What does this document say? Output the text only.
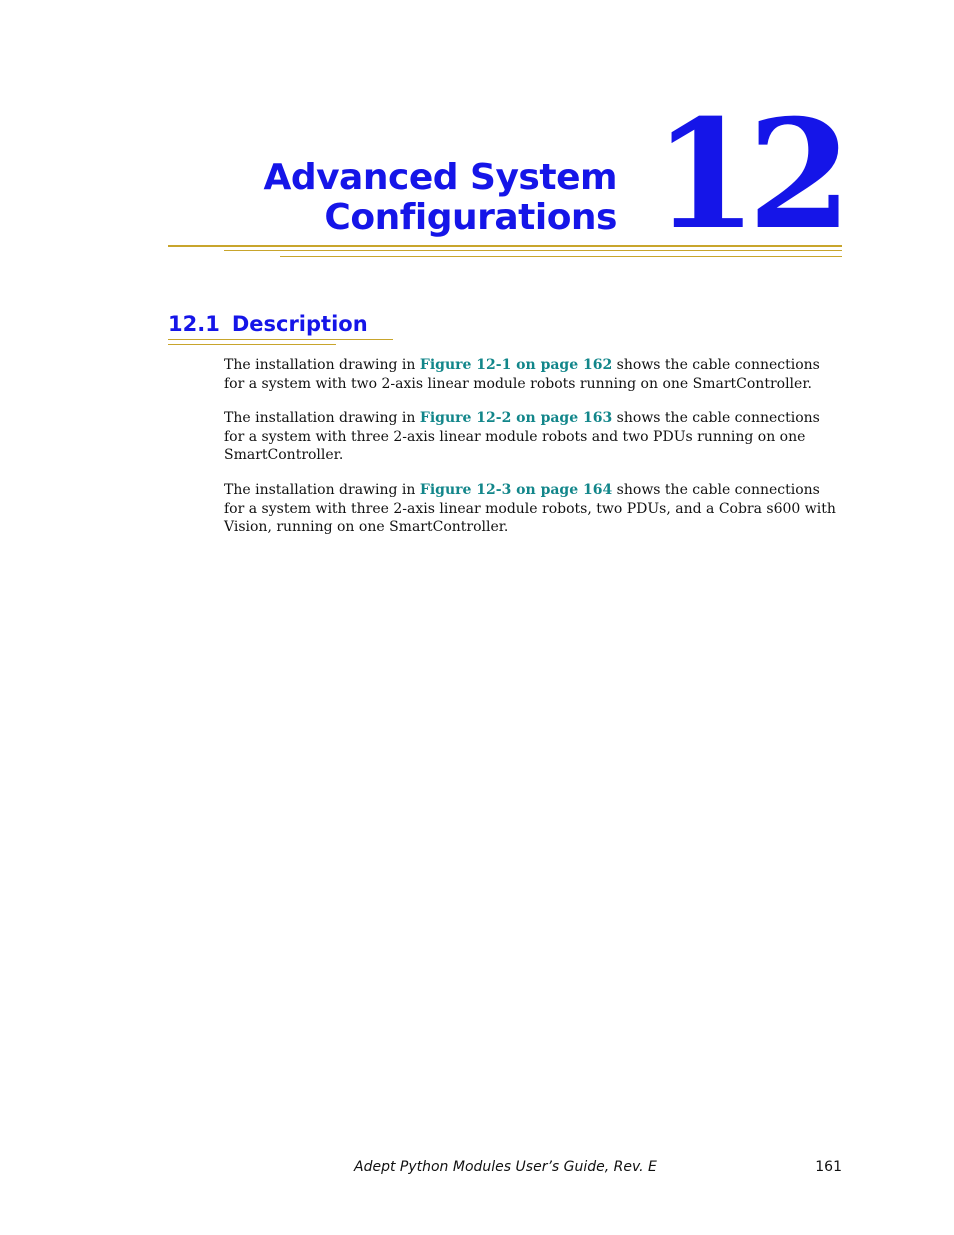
Advanced System
Configurations 12
12.1 Description

The installation drawing in Figure 12-1 on page 162 shows the cable connections for a system with two 2-axis linear module robots running on one SmartController.

The installation drawing in Figure 12-2 on page 163 shows the cable connections for a system with three 2-axis linear module robots and two PDUs running on one SmartController.

The installation drawing in Figure 12-3 on page 164 shows the cable connections for a system with three 2-axis linear module robots, two PDUs, and a Cobra s600 with Vision, running on one SmartController.

Adept Python Modules User’s Guide, Rev. E	161
